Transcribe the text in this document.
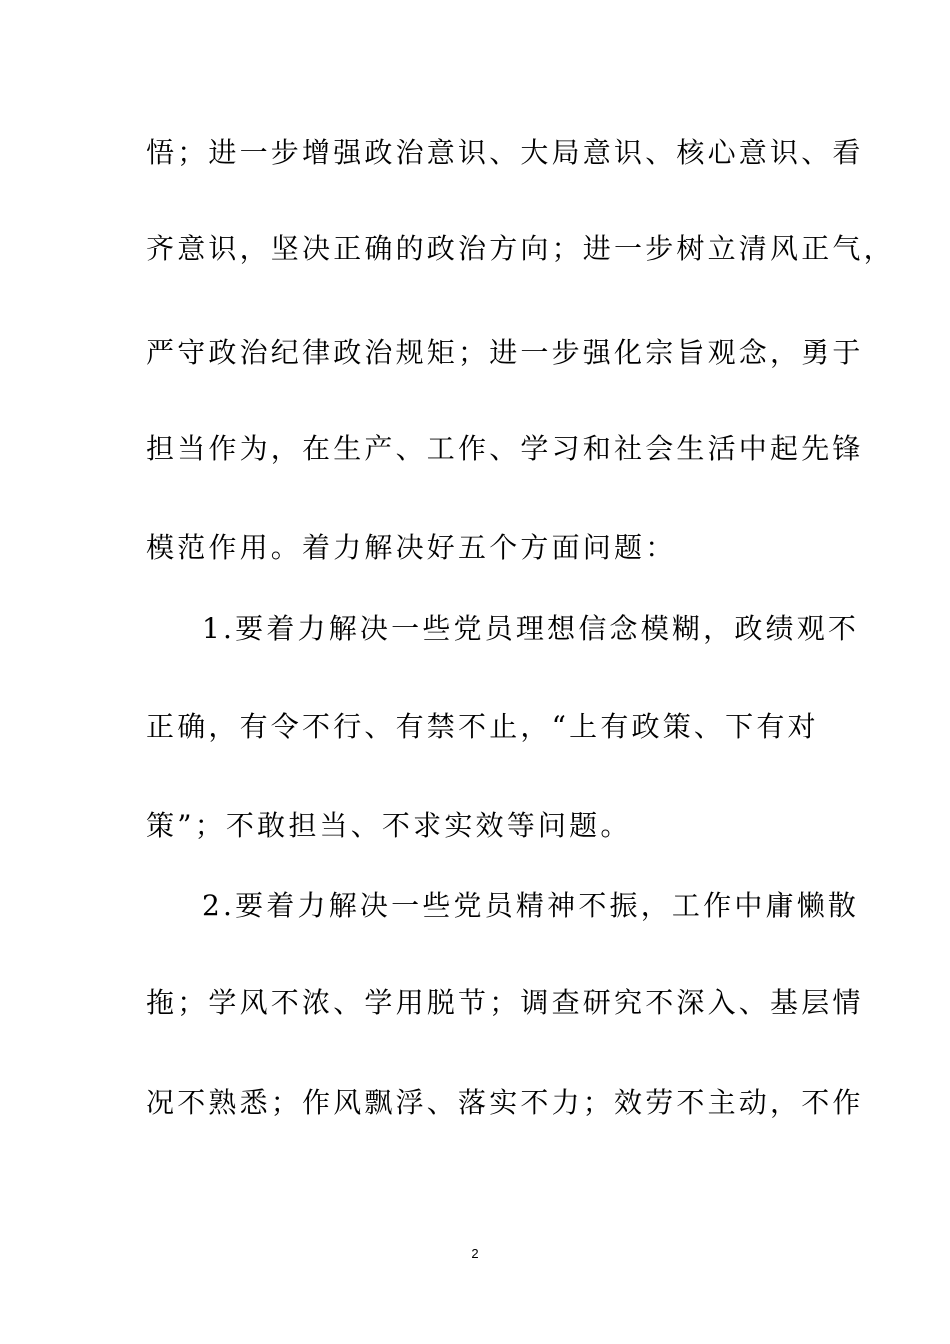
悟；进一步增强政治意识、大局意识、核心意识、看
齐意识，坚决正确的政治方向；进一步树立清风正气，
严守政治纪律政治规矩；进一步强化宗旨观念，勇于
担当作为，在生产、工作、学习和社会生活中起先锋
模范作用。着力解决好五个方面问题：
1.要着力解决一些党员理想信念模糊，政绩观不
正确，有令不行、有禁不止，“上有政策、下有对
策”；不敢担当、不求实效等问题。
2.要着力解决一些党员精神不振，工作中庸懒散
拖；学风不浓、学用脱节；调查研究不深入、基层情
况不熟悉；作风飘浮、落实不力；效劳不主动，不作
2
